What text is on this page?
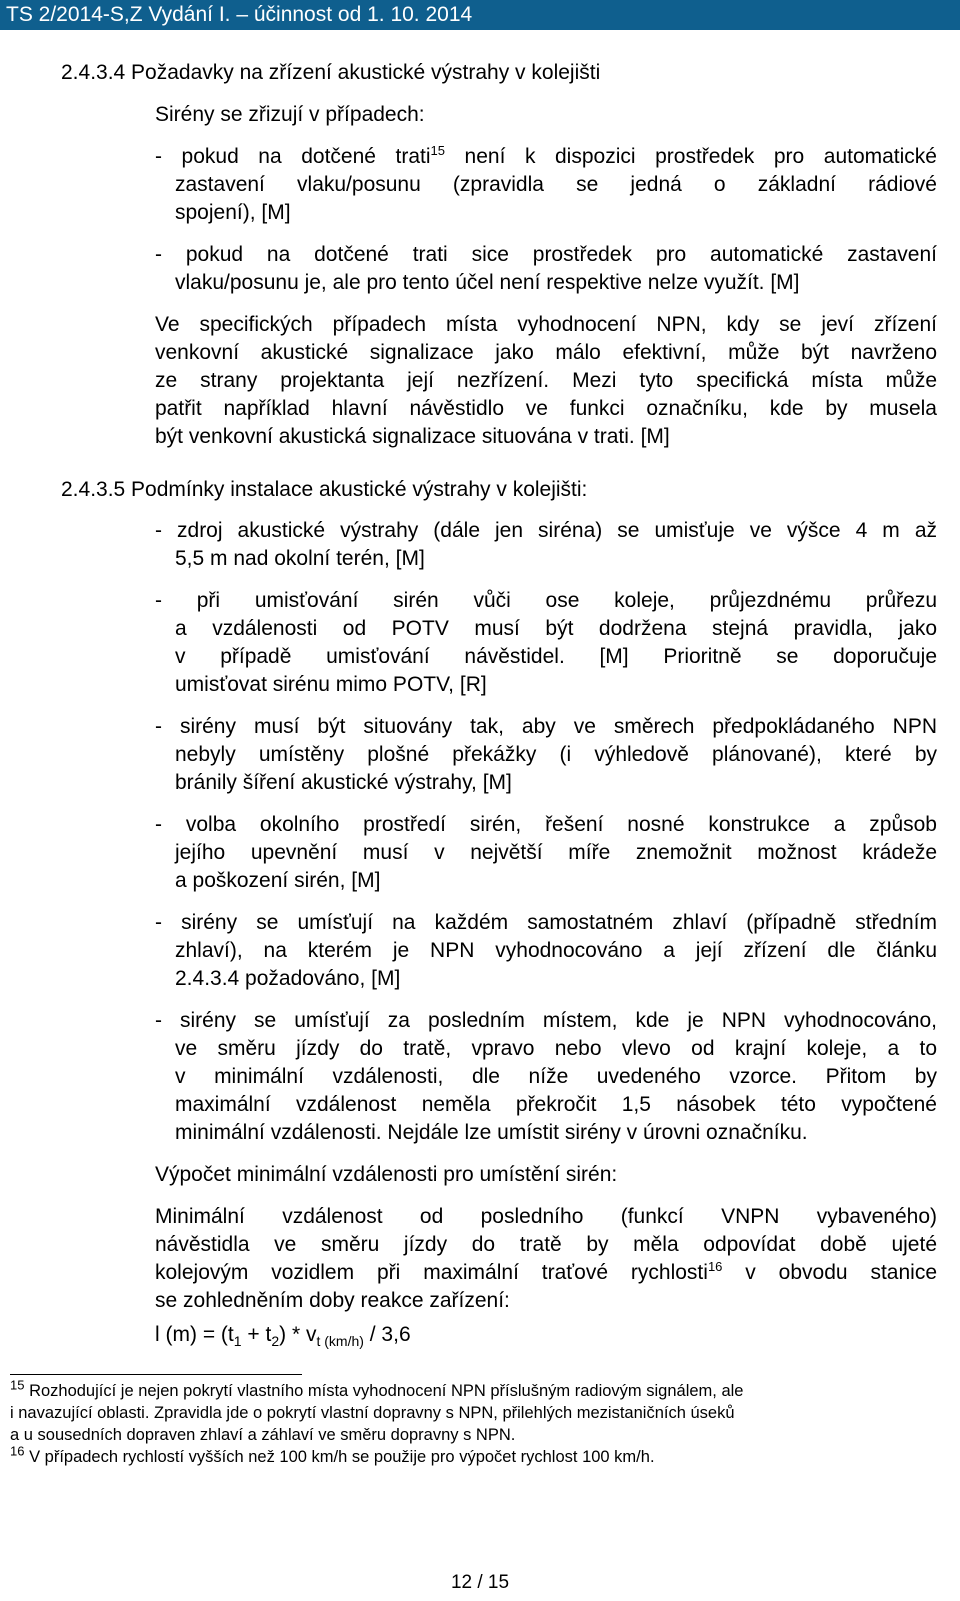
TS 2/2014-S,Z Vydání I. – účinnost od 1. 10. 2014
2.4.3.4 Požadavky na zřízení akustické výstrahy v kolejišti
Sirény se zřizují v případech:
- pokud na dotčené trati$^{15}$ není k dispozici prostředek pro automatické
zastavení vlaku/posunu (zpravidla se jedná o základní rádiové
spojení), [M]
- pokud na dotčené trati sice prostředek pro automatické zastavení
vlaku/posunu je, ale pro tento účel není respektive nelze využít. [M]
Ve specifických případech místa vyhodnocení NPN, kdy se jeví zřízení
venkovní akustické signalizace jako málo efektivní, může být navrženo
ze strany projektanta její nezřízení. Mezi tyto specifická místa může
patřit například hlavní návěstidlo ve funkci označníku, kde by musela
být venkovní akustická signalizace situována v trati. [M]
2.4.3.5 Podmínky instalace akustické výstrahy v kolejišti:
- zdroj akustické výstrahy (dále jen siréna) se umisťuje ve výšce 4 m až
5,5 m nad okolní terén, [M]
- při umisťování sirén vůči ose koleje, průjezdnému průřezu
a vzdálenosti od POTV musí být dodržena stejná pravidla, jako
v případě umisťování návěstidel. [M] Prioritně se doporučuje
umisťovat sirénu mimo POTV, [R]
- sirény musí být situovány tak, aby ve směrech předpokládaného NPN
nebyly umístěny plošné překážky (i výhledově plánované), které by
bránily šíření akustické výstrahy, [M]
- volba okolního prostředí sirén, řešení nosné konstrukce a způsob
jejího upevnění musí v největší míře znemožnit možnost krádeže
a poškození sirén, [M]
- sirény se umísťují na každém samostatném zhlaví (případně středním
zhlaví), na kterém je NPN vyhodnocováno a její zřízení dle článku
2.4.3.4 požadováno, [M]
- sirény se umísťují za posledním místem, kde je NPN vyhodnocováno,
ve směru jízdy do tratě, vpravo nebo vlevo od krajní koleje, a to
v minimální vzdálenosti, dle níže uvedeného vzorce. Přitom by
maximální vzdálenost neměla překročit 1,5 násobek této vypočtené
minimální vzdálenosti. Nejdále lze umístit sirény v úrovni označníku.
Výpočet minimální vzdálenosti pro umístění sirén:
Minimální vzdálenost od posledního (funkcí VNPN vybaveného)
návěstidla ve směru jízdy do tratě by měla odpovídat době ujeté
kolejovým vozidlem při maximální traťové rychlosti$^{16}$ v obvodu stanice
se zohledněním doby reakce zařízení:
l $(m) = (t_1 + t_2) * v_{t (km/h)} / 3,6$
$^{15}$ Rozhodující je nejen pokrytí vlastního místa vyhodnocení NPN příslušným radiovým signálem, ale
i navazující oblasti. Zpravidla jde o pokrytí vlastní dopravny s NPN, přilehlých mezistaničních úseků
a u sousedních dopraven zhlaví a záhlaví ve směru dopravny s NPN.
$^{16}$ V případech rychlostí vyšších než 100 km/h se použije pro výpočet rychlost 100 km/h.
12 / 15
